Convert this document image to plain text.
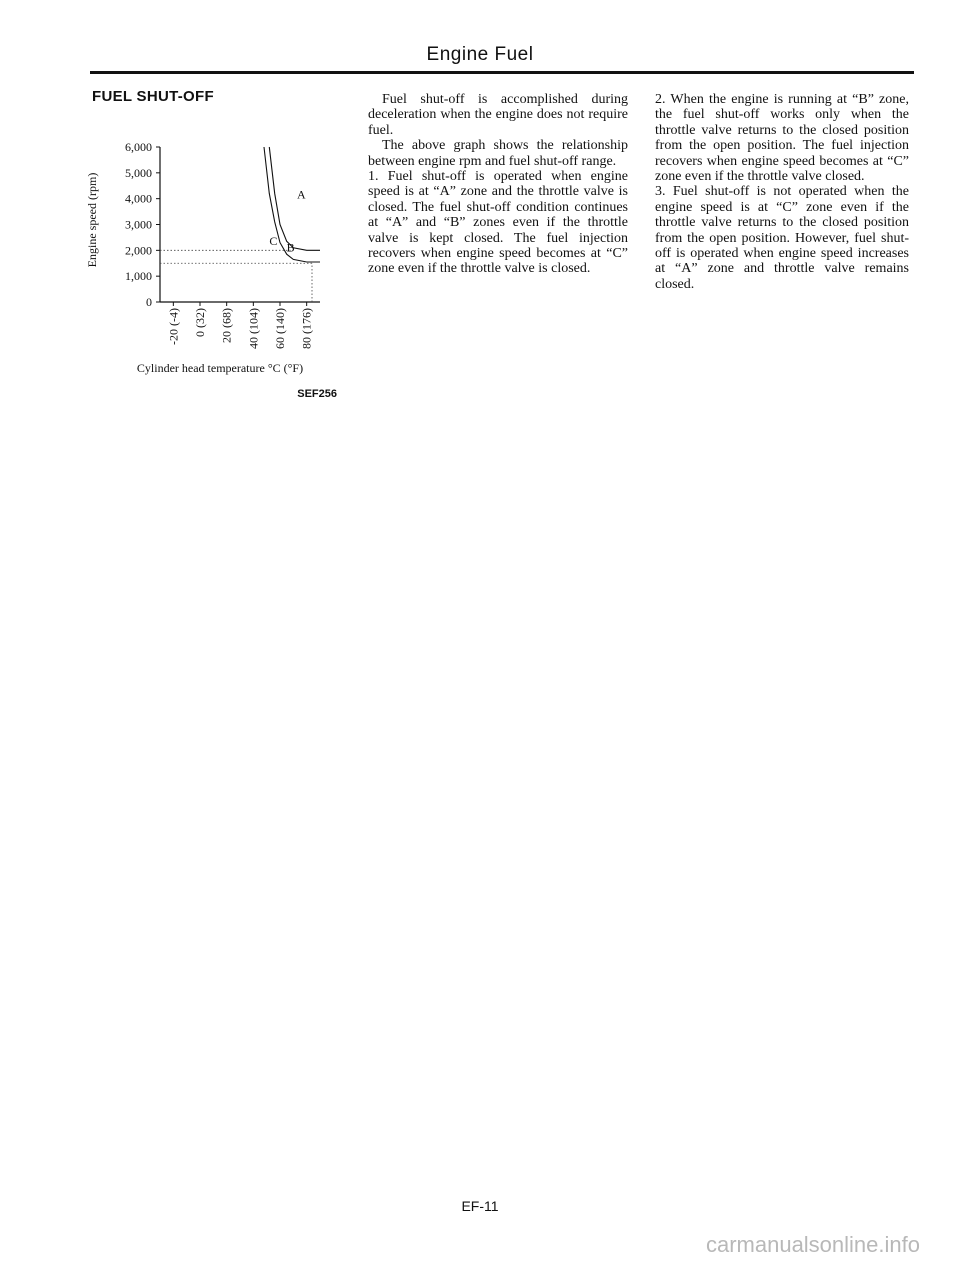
Engine Fuel
FUEL SHUT-OFF
6,000
5,000
4,000
3,000
2,000
1,000
0
-20 (-4) 0 (32) 20 (68) 40 (104) 60 (140) 80 (176)
A
B
C
Engine speed (rpm)
Cylinder head temperature °C (°F)
SEF256

Fuel shut-off is accomplished during deceleration when the engine does not require fuel.

The above graph shows the relationship between engine rpm and fuel shut-off range.

1. Fuel shut-off is operated when engine speed is at “A” zone and the throttle valve is closed. The fuel shut-off condition continues at “A” and “B” zones even if the throttle valve is kept closed. The fuel injection recovers when engine speed becomes at “C” zone even if the throttle valve is closed.

2. When the engine is running at “B” zone, the fuel shut-off works only when the throttle valve returns to the closed position from the open position. The fuel injection recovers when engine speed becomes at “C” zone even if the throttle valve closed.

3. Fuel shut-off is not operated when the engine speed is at “C” zone even if the throttle valve returns to the closed position from the open position. However, fuel shut-off is operated when engine speed increases at “A” zone and throttle valve remains closed.

EF-11
carmanualsonline.info
